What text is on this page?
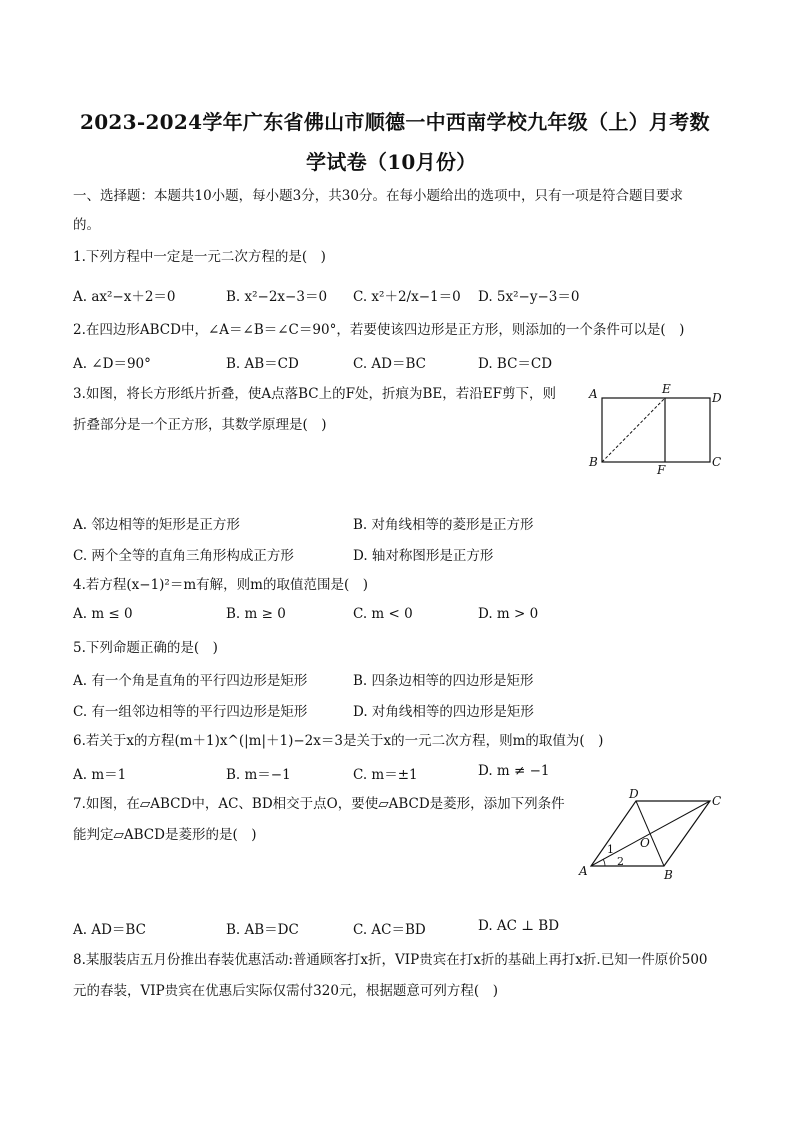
2023-2024学年广东省佛山市顺德一中西南学校九年级（上）月考数
学试卷（10月份）
一、选择题：本题共10小题，每小题3分，共30分。在每小题给出的选项中，只有一项是符合题目要求
的。
1.下列方程中一定是一元二次方程的是(　)
A. ax²−x＋2＝0	B. x²−2x−3＝0 C. x²＋2/x−1＝0 D. 5x²−y−3＝0
2.在四边形ABCD中，∠A＝∠B＝∠C＝90°，若要使该四边形是正方形，则添加的一个条件可以是(　)
A. ∠D＝90°	B. AB＝CD	C. AD＝BC	D. BC＝CD
3.如图，将长方形纸片折叠，使A点落BC上的F处，折痕为BE，若沿EF剪下，则
折叠部分是一个正方形，其数学原理是(　)
A	E
D
B
F
C
A. 邻边相等的矩形是正方形	B. 对角线相等的菱形是正方形
C. 两个全等的直角三角形构成正方形	D. 轴对称图形是正方形
4.若方程(x−1)²＝m有解，则m的取值范围是(　)
A. m ≤ 0	B. m ≥ 0	C. m < 0	D. m > 0
5.下列命题正确的是(　)
A. 有一个角是直角的平行四边形是矩形	B. 四条边相等的四边形是矩形
C. 有一组邻边相等的平行四边形是矩形	D. 对角线相等的四边形是矩形
6.若关于x的方程(m＋1)x^(|m|＋1)−2x＝3是关于x的一元二次方程，则m的取值为(　)
A. m＝1	B. m＝−1	C. m＝±1	D. m ≠ −1
7.如图，在▱ABCD中，AC、BD相交于点O，要使▱ABCD是菱形，添加下列条件
能判定▱ABCD是菱形的是(　)
D	C
O
1
2
A	B
A. AD＝BC	B. AB＝DC	C. AC＝BD	D. AC ⊥ BD
8.某服装店五月份推出春装优惠活动:普通顾客打x折，VIP贵宾在打x折的基础上再打x折.已知一件原价500
元的春装，VIP贵宾在优惠后实际仅需付320元，根据题意可列方程(　)
